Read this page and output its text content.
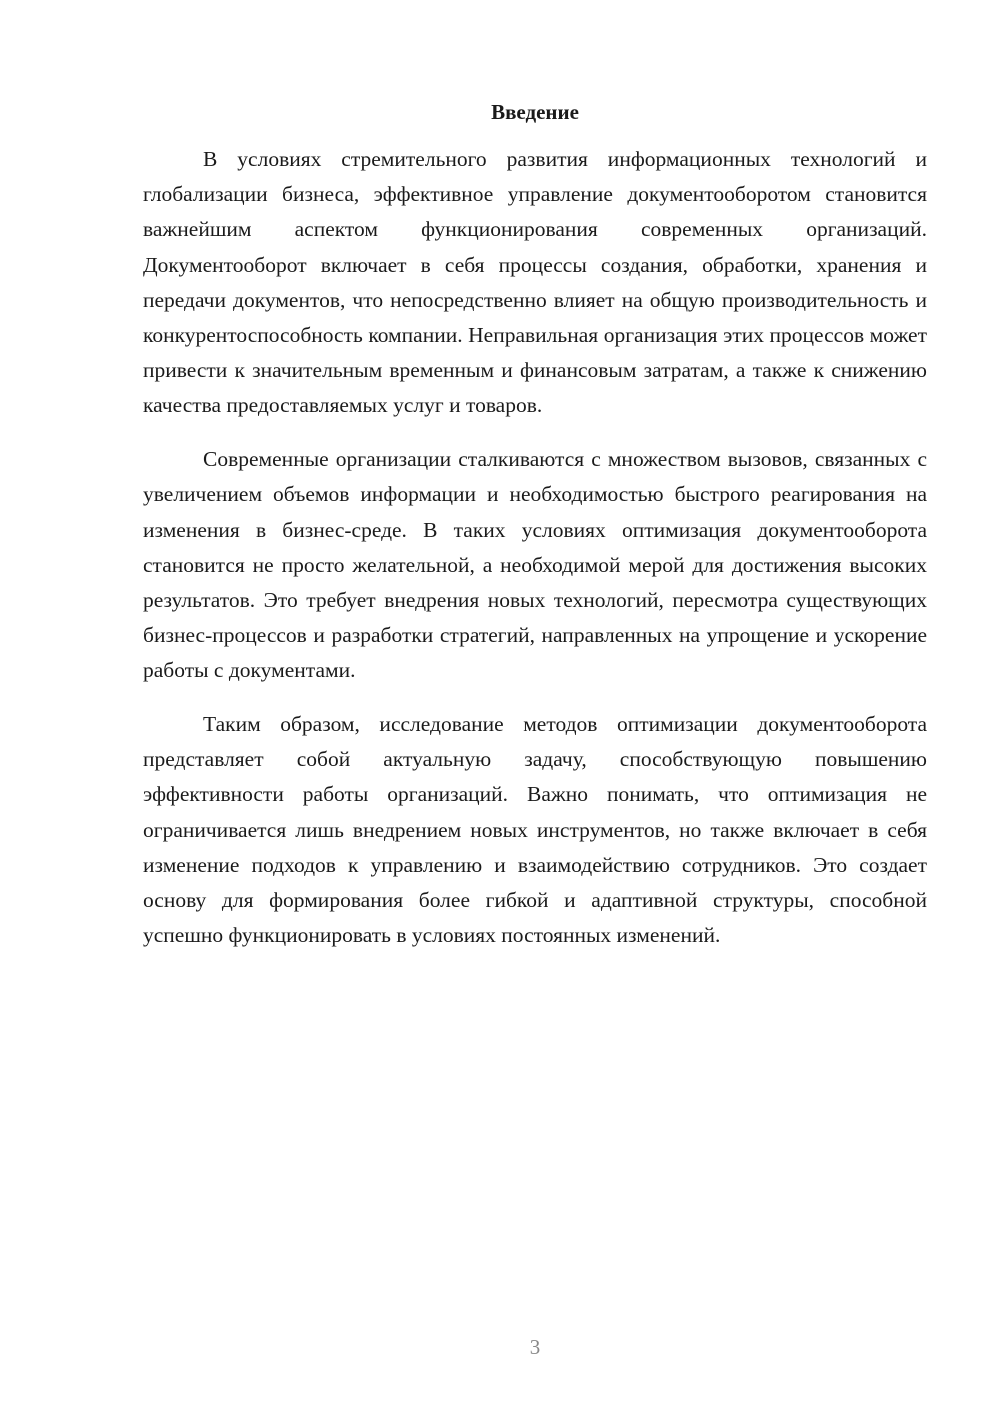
Введение

В условиях стремительного развития информационных технологий и глобализации бизнеса, эффективное управление документооборотом становится важнейшим аспектом функционирования современных организаций. Документооборот включает в себя процессы создания, обработки, хранения и передачи документов, что непосредственно влияет на общую производительность и конкурентоспособность компании. Неправильная организация этих процессов может привести к значительным временным и финансовым затратам, а также к снижению качества предоставляемых услуг и товаров.

Современные организации сталкиваются с множеством вызовов, связанных с увеличением объемов информации и необходимостью быстрого реагирования на изменения в бизнес-среде. В таких условиях оптимизация документооборота становится не просто желательной, а необходимой мерой для достижения высоких результатов. Это требует внедрения новых технологий, пересмотра существующих бизнес-процессов и разработки стратегий, направленных на упрощение и ускорение работы с документами.

Таким образом, исследование методов оптимизации документооборота представляет собой актуальную задачу, способствующую повышению эффективности работы организаций. Важно понимать, что оптимизация не ограничивается лишь внедрением новых инструментов, но также включает в себя изменение подходов к управлению и взаимодействию сотрудников. Это создает основу для формирования более гибкой и адаптивной структуры, способной успешно функционировать в условиях постоянных изменений.

3
